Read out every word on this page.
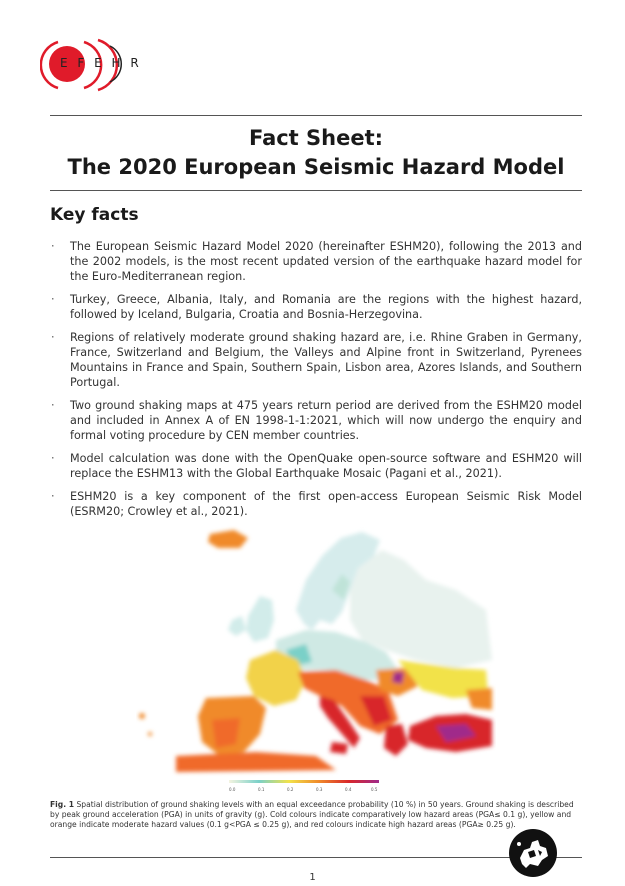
E F E H R
Fact Sheet:
The 2020 European Seismic Hazard Model
Key facts
· The European Seismic Hazard Model 2020 (hereinafter ESHM20), following the 2013 and the 2002 models, is the most recent updated version of the earthquake hazard model for the Euro-Mediterranean region.
· Turkey, Greece, Albania, Italy, and Romania are the regions with the highest hazard, followed by Iceland, Bulgaria, Croatia and Bosnia-Herzegovina.
· Regions of relatively moderate ground shaking hazard are, i.e. Rhine Graben in Germany, France, Switzerland and Belgium, the Valleys and Alpine front in Switzerland, Pyrenees Mountains in France and Spain, Southern Spain, Lisbon area, Azores Islands, and Southern Portugal.
· Two ground shaking maps at 475 years return period are derived from the ESHM20 model and included in Annex A of EN 1998-1-1:2021, which will now undergo the enquiry and formal voting procedure by CEN member countries.
· Model calculation was done with the OpenQuake open-source software and ESHM20 will replace the ESHM13 with the Global Earthquake Mosaic (Pagani et al., 2021).
· ESHM20 is a key component of the first open-access European Seismic Risk Model (ESRM20; Crowley et al., 2021).
0.0	0.1	0.2	0.3	0.4	0.5
Fig. 1 Spatial distribution of ground shaking levels with an equal exceedance probability (10 %) in 50 years. Ground shaking is described by peak ground acceleration (PGA) in units of gravity (g). Cold colours indicate comparatively low hazard areas (PGA≤ 0.1 g), yellow and orange indicate moderate hazard values (0.1 g<PGA ≤ 0.25 g), and red colours indicate high hazard areas (PGA≥ 0.25 g).
1
